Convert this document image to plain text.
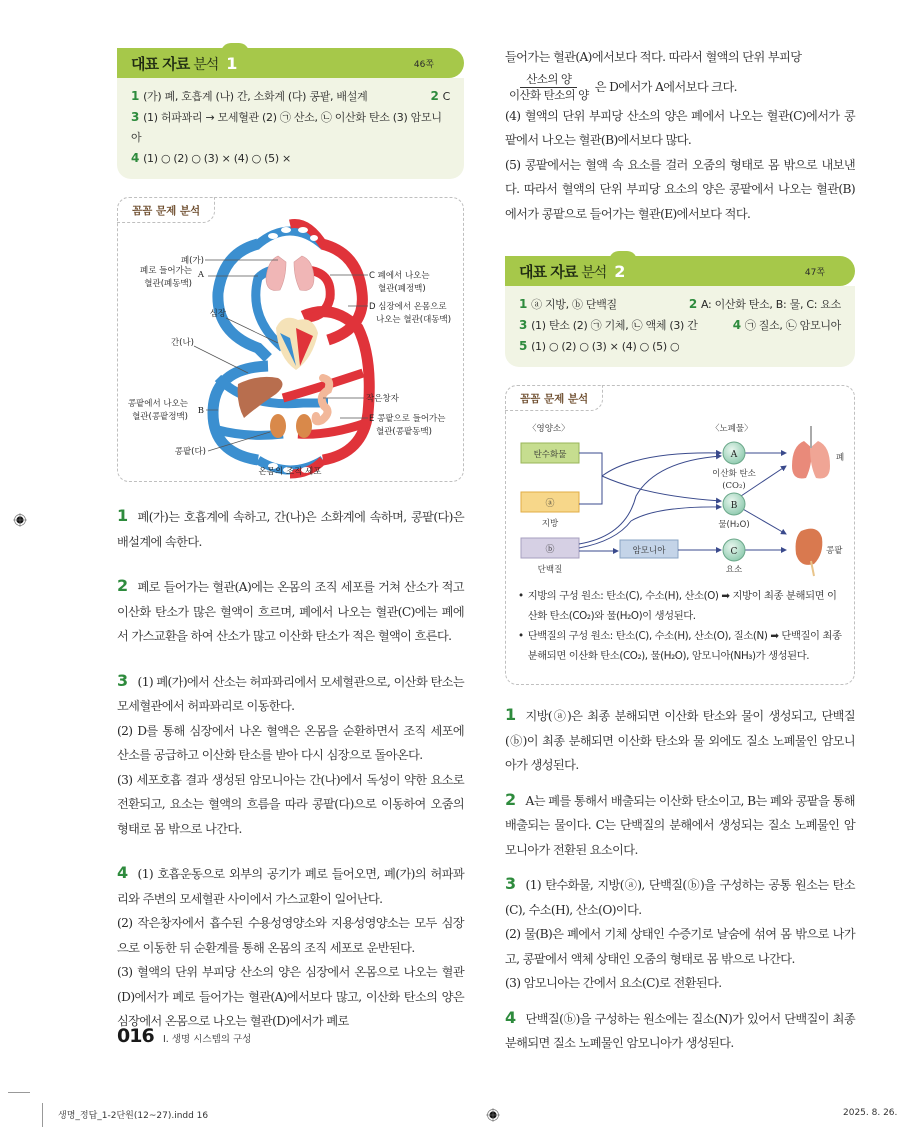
대표 자료 분석 1	46쪽
1 (가) 폐, 호흡계 (나) 간, 소화계 (다) 콩팥, 배설계	2 C
3 (1) 허파꽈리 → 모세혈관 (2) ㉠ 산소, ㉡ 이산화 탄소 (3) 암모니아
4 (1) ○ (2) ○ (3) × (4) ○ (5) ×
꼼꼼 문제 분석
폐(가)
폐로 들어가는 A
혈관(폐동맥)
심장
간(나)
콩팥에서 나오는
B
혈관(콩팥정맥)
콩팥(다)
C 폐에서 나오는
혈관(폐정맥)
D 심장에서 온몸으로
나오는 혈관(대동맥)
작은창자
E 콩팥으로 들어가는
혈관(콩팥동맥)
온몸의 조직 세포

1 폐(가)는 호흡계에 속하고, 간(나)은 소화계에 속하며, 콩팥(다)은 배설계에 속한다.

2 폐로 들어가는 혈관(A)에는 온몸의 조직 세포를 거쳐 산소가 적고 이산화 탄소가 많은 혈액이 흐르며, 폐에서 나오는 혈관(C)에는 폐에서 가스교환을 하여 산소가 많고 이산화 탄소가 적은 혈액이 흐른다.

3 (1) 폐(가)에서 산소는 허파꽈리에서 모세혈관으로, 이산화 탄소는 모세혈관에서 허파꽈리로 이동한다.

(2) D를 통해 심장에서 나온 혈액은 온몸을 순환하면서 조직 세포에 산소를 공급하고 이산화 탄소를 받아 다시 심장으로 돌아온다.

(3) 세포호흡 결과 생성된 암모니아는 간(나)에서 독성이 약한 요소로 전환되고, 요소는 혈액의 흐름을 따라 콩팥(다)으로 이동하여 오줌의 형태로 몸 밖으로 나간다.

4 (1) 호흡운동으로 외부의 공기가 폐로 들어오면, 폐(가)의 허파꽈리와 주변의 모세혈관 사이에서 가스교환이 일어난다.

(2) 작은창자에서 흡수된 수용성영양소와 지용성영양소는 모두 심장으로 이동한 뒤 순환계를 통해 온몸의 조직 세포로 운반된다.

(3) 혈액의 단위 부피당 산소의 양은 심장에서 온몸으로 나오는 혈관(D)에서가 폐로 들어가는 혈관(A)에서보다 많고, 이산화 탄소의 양은 심장에서 온몸으로 나오는 혈관(D)에서가 폐로

들어가는 혈관(A)에서보다 적다. 따라서 혈액의 단위 부피당

$\frac{\text{산소의 양}}{\text{이산화 탄소의 양}}$ 은 D에서가 A에서보다 크다.

(4) 혈액의 단위 부피당 산소의 양은 폐에서 나오는 혈관(C)에서가 콩팥에서 나오는 혈관(B)에서보다 많다.

(5) 콩팥에서는 혈액 속 요소를 걸러 오줌의 형태로 몸 밖으로 내보낸다. 따라서 혈액의 단위 부피당 요소의 양은 콩팥에서 나오는 혈관(B)에서가 콩팥으로 들어가는 혈관(E)에서보다 적다.

대표 자료 분석 2	47쪽
1 ⓐ 지방, ⓑ 단백질	2 A: 이산화 탄소, B: 물, C: 요소
3 (1) 탄소 (2) ㉠ 기체, ㉡ 액체 (3) 간	4 ㉠ 질소, ㉡ 암모니아
5 (1) ○ (2) ○ (3) × (4) ○ (5) ○
꼼꼼 문제 분석
〈영양소〉	〈노폐물〉
탄수화물
ⓐ
지방
ⓑ
단백질
암모니아
A
이산화 탄소
(CO₂)
B
물(H₂O)
C
요소
폐
콩팥
• 지방의 구성 원소: 탄소(C), 수소(H), 산소(O) ➡ 지방이 최종 분해되면 이산화 탄소(CO₂)와 물(H₂O)이 생성된다.
• 단백질의 구성 원소: 탄소(C), 수소(H), 산소(O), 질소(N) ➡ 단백질이 최종 분해되면 이산화 탄소(CO₂), 물(H₂O), 암모니아(NH₃)가 생성된다.

1 지방(ⓐ)은 최종 분해되면 이산화 탄소와 물이 생성되고, 단백질(ⓑ)이 최종 분해되면 이산화 탄소와 물 외에도 질소 노폐물인 암모니아가 생성된다.

2 A는 폐를 통해서 배출되는 이산화 탄소이고, B는 폐와 콩팥을 통해 배출되는 물이다. C는 단백질의 분해에서 생성되는 질소 노폐물인 암모니아가 전환된 요소이다.

3 (1) 탄수화물, 지방(ⓐ), 단백질(ⓑ)을 구성하는 공통 원소는 탄소(C), 수소(H), 산소(O)이다.

(2) 물(B)은 폐에서 기체 상태인 수증기로 날숨에 섞여 몸 밖으로 나가고, 콩팥에서 액체 상태인 오줌의 형태로 몸 밖으로 나간다.

(3) 암모니아는 간에서 요소(C)로 전환된다.

4 단백질(ⓑ)을 구성하는 원소에는 질소(N)가 있어서 단백질이 최종 분해되면 질소 노폐물인 암모니아가 생성된다.

016 I. 생명 시스템의 구성
생명_정답_1-2단원(12~27).indd 16	2025. 8. 26.
